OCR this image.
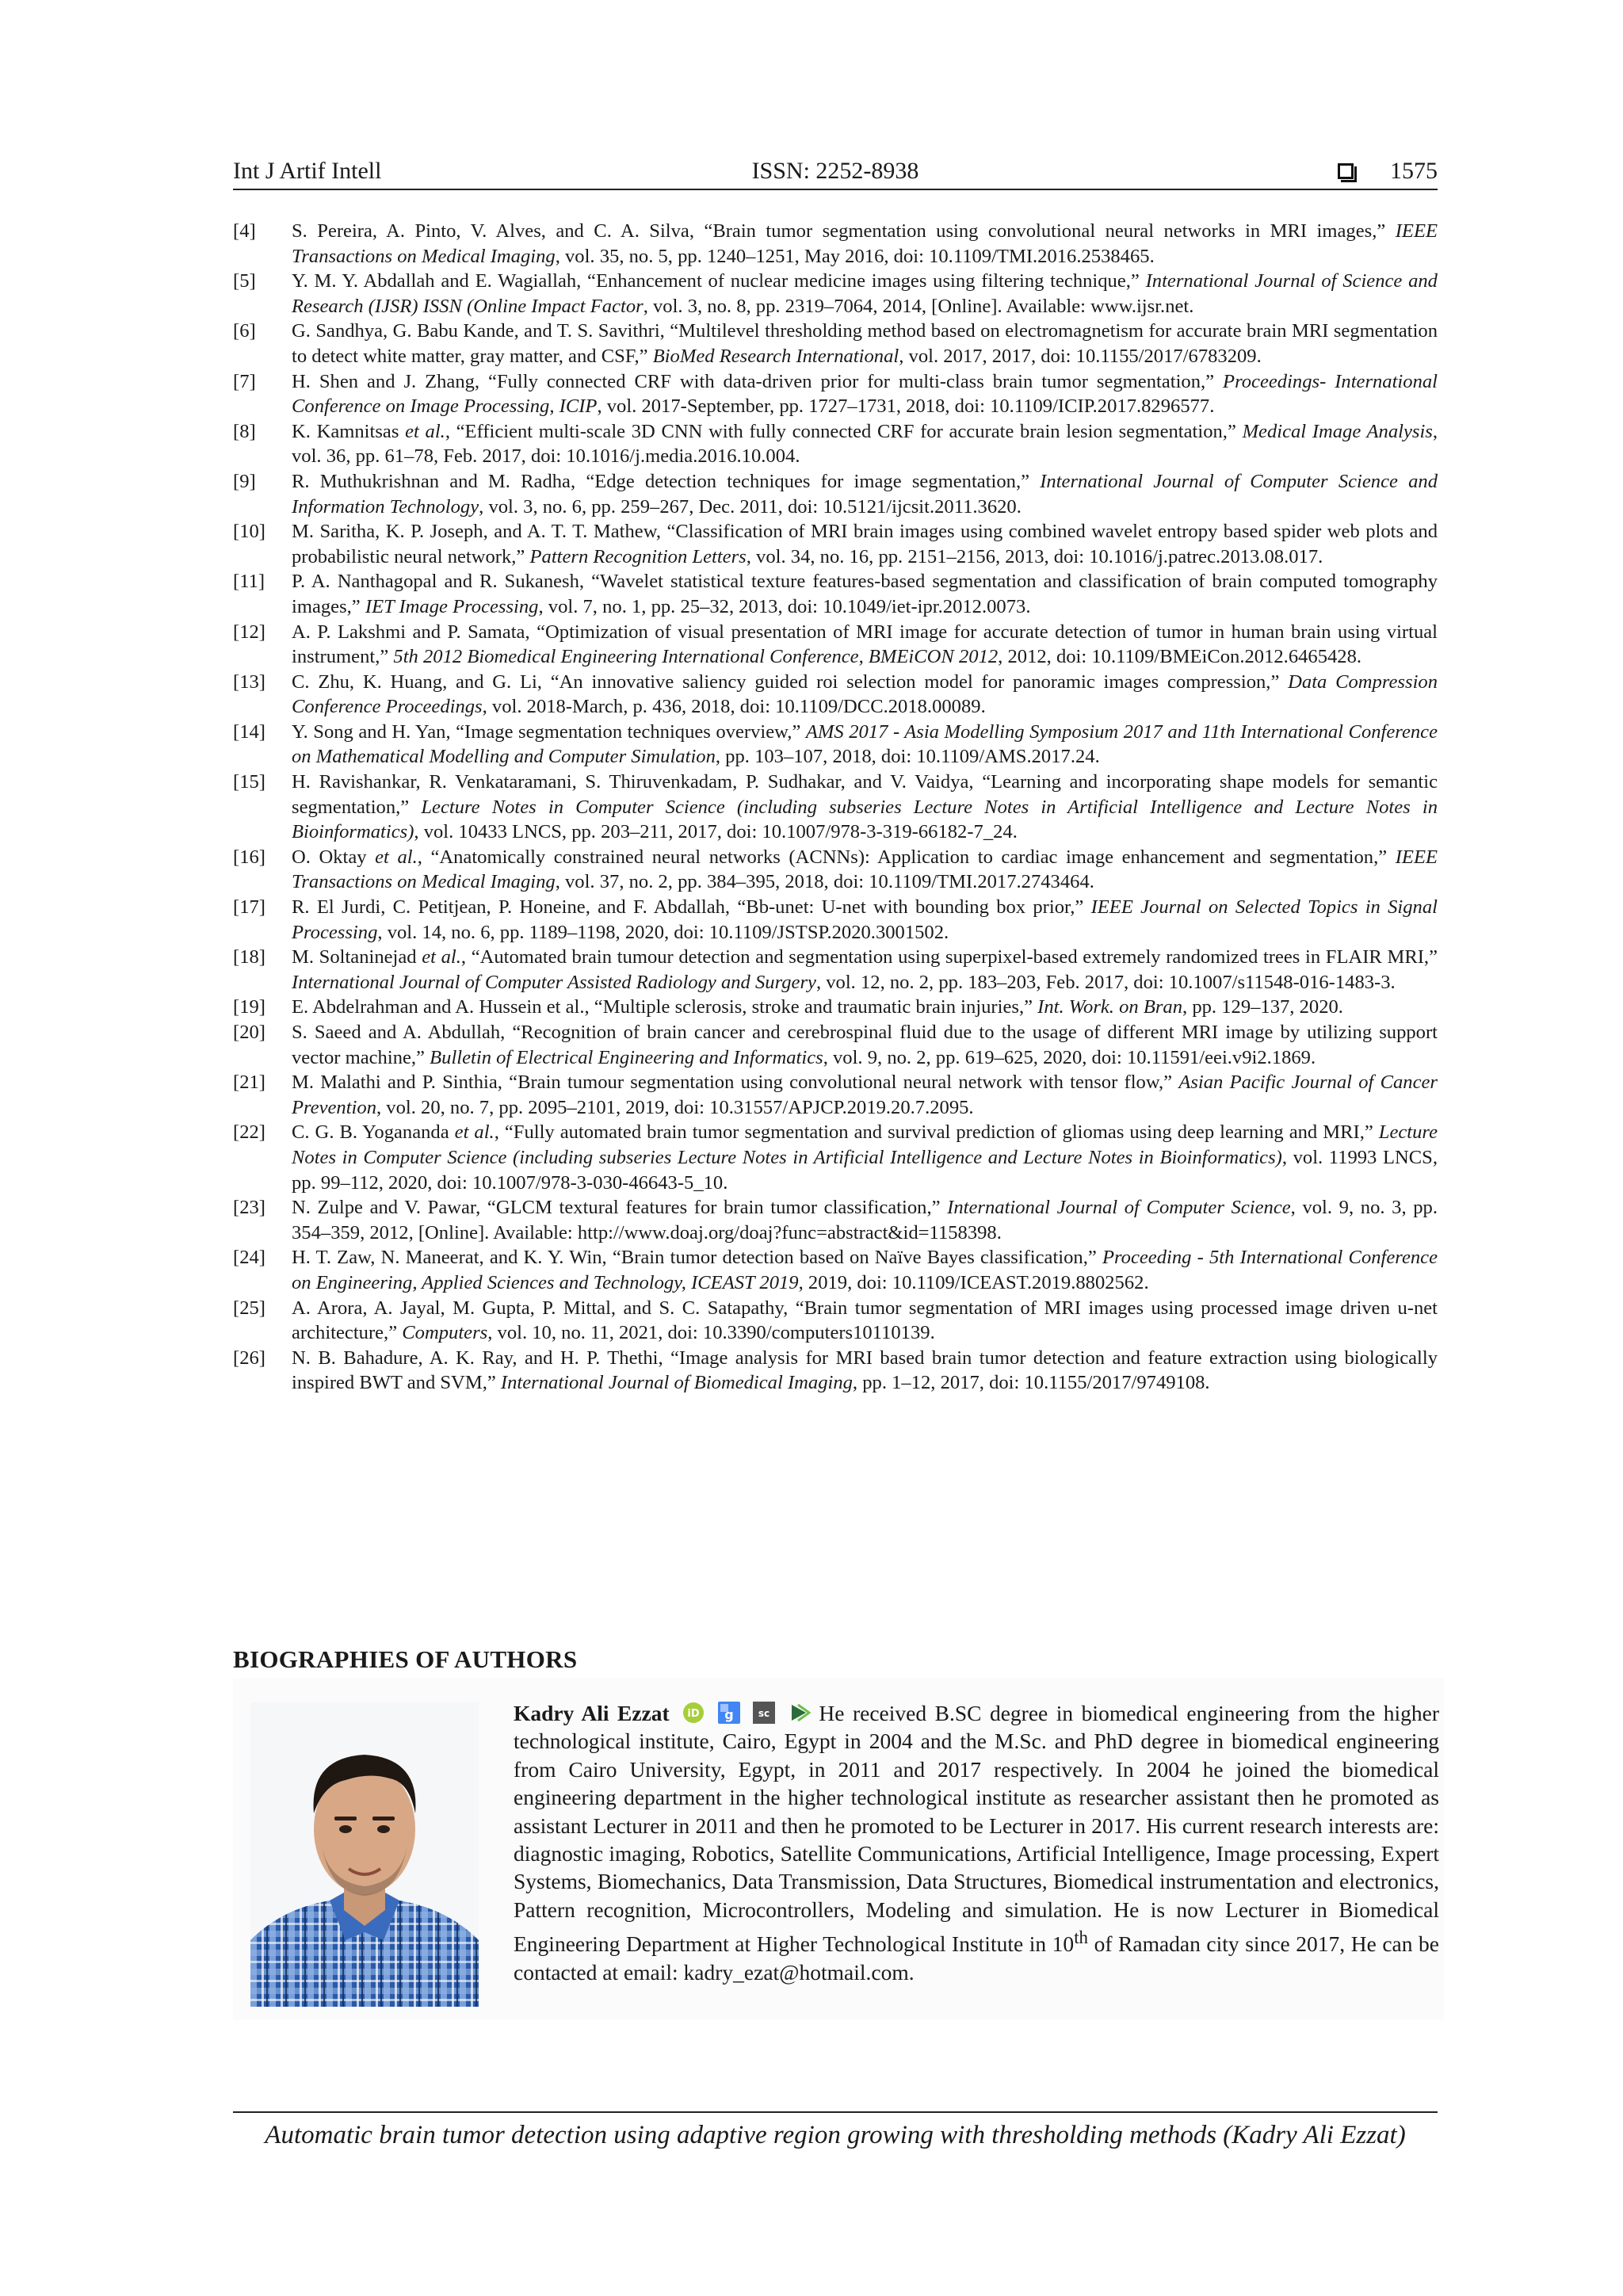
Int J Artif Intell	ISSN: 2252-8938	1575
[4]	S. Pereira, A. Pinto, V. Alves, and C. A. Silva, “Brain tumor segmentation using convolutional neural networks in MRI images,” IEEE Transactions on Medical Imaging, vol. 35, no. 5, pp. 1240–1251, May 2016, doi: 10.1109/TMI.2016.2538465.
[5]	Y. M. Y. Abdallah and E. Wagiallah, “Enhancement of nuclear medicine images using filtering technique,” International Journal of Science and Research (IJSR) ISSN (Online Impact Factor, vol. 3, no. 8, pp. 2319–7064, 2014, [Online]. Available: www.ijsr.net.
[6]	G. Sandhya, G. Babu Kande, and T. S. Savithri, “Multilevel thresholding method based on electromagnetism for accurate brain MRI segmentation to detect white matter, gray matter, and CSF,” BioMed Research International, vol. 2017, 2017, doi: 10.1155/2017/6783209.
[7]	H. Shen and J. Zhang, “Fully connected CRF with data-driven prior for multi-class brain tumor segmentation,” Proceedings- International Conference on Image Processing, ICIP, vol. 2017-September, pp. 1727–1731, 2018, doi: 10.1109/ICIP.2017.8296577.
[8]	K. Kamnitsas et al., “Efficient multi-scale 3D CNN with fully connected CRF for accurate brain lesion segmentation,” Medical Image Analysis, vol. 36, pp. 61–78, Feb. 2017, doi: 10.1016/j.media.2016.10.004.
[9]	R. Muthukrishnan and M. Radha, “Edge detection techniques for image segmentation,” International Journal of Computer Science and Information Technology, vol. 3, no. 6, pp. 259–267, Dec. 2011, doi: 10.5121/ijcsit.2011.3620.
[10]	M. Saritha, K. P. Joseph, and A. T. T. Mathew, “Classification of MRI brain images using combined wavelet entropy based spider web plots and probabilistic neural network,” Pattern Recognition Letters, vol. 34, no. 16, pp. 2151–2156, 2013, doi: 10.1016/j.patrec.2013.08.017.
[11]	P. A. Nanthagopal and R. Sukanesh, “Wavelet statistical texture features-based segmentation and classification of brain computed tomography images,” IET Image Processing, vol. 7, no. 1, pp. 25–32, 2013, doi: 10.1049/iet-ipr.2012.0073.
[12]	A. P. Lakshmi and P. Samata, “Optimization of visual presentation of MRI image for accurate detection of tumor in human brain using virtual instrument,” 5th 2012 Biomedical Engineering International Conference, BMEiCON 2012, 2012, doi: 10.1109/BMEiCon.2012.6465428.
[13]	C. Zhu, K. Huang, and G. Li, “An innovative saliency guided roi selection model for panoramic images compression,” Data Compression Conference Proceedings, vol. 2018-March, p. 436, 2018, doi: 10.1109/DCC.2018.00089.
[14]	Y. Song and H. Yan, “Image segmentation techniques overview,” AMS 2017 - Asia Modelling Symposium 2017 and 11th International Conference on Mathematical Modelling and Computer Simulation, pp. 103–107, 2018, doi: 10.1109/AMS.2017.24.
[15]	H. Ravishankar, R. Venkataramani, S. Thiruvenkadam, P. Sudhakar, and V. Vaidya, “Learning and incorporating shape models for semantic segmentation,” Lecture Notes in Computer Science (including subseries Lecture Notes in Artificial Intelligence and Lecture Notes in Bioinformatics), vol. 10433 LNCS, pp. 203–211, 2017, doi: 10.1007/978-3-319-66182-7_24.
[16]	O. Oktay et al., “Anatomically constrained neural networks (ACNNs): Application to cardiac image enhancement and segmentation,” IEEE Transactions on Medical Imaging, vol. 37, no. 2, pp. 384–395, 2018, doi: 10.1109/TMI.2017.2743464.
[17]	R. El Jurdi, C. Petitjean, P. Honeine, and F. Abdallah, “Bb-unet: U-net with bounding box prior,” IEEE Journal on Selected Topics in Signal Processing, vol. 14, no. 6, pp. 1189–1198, 2020, doi: 10.1109/JSTSP.2020.3001502.
[18]	M. Soltaninejad et al., “Automated brain tumour detection and segmentation using superpixel-based extremely randomized trees in FLAIR MRI,” International Journal of Computer Assisted Radiology and Surgery, vol. 12, no. 2, pp. 183–203, Feb. 2017, doi: 10.1007/s11548-016-1483-3.
[19]	E. Abdelrahman and A. Hussein et al., “Multiple sclerosis, stroke and traumatic brain injuries,” Int. Work. on Bran, pp. 129–137, 2020.
[20]	S. Saeed and A. Abdullah, “Recognition of brain cancer and cerebrospinal fluid due to the usage of different MRI image by utilizing support vector machine,” Bulletin of Electrical Engineering and Informatics, vol. 9, no. 2, pp. 619–625, 2020, doi: 10.11591/eei.v9i2.1869.
[21]	M. Malathi and P. Sinthia, “Brain tumour segmentation using convolutional neural network with tensor flow,” Asian Pacific Journal of Cancer Prevention, vol. 20, no. 7, pp. 2095–2101, 2019, doi: 10.31557/APJCP.2019.20.7.2095.
[22]	C. G. B. Yogananda et al., “Fully automated brain tumor segmentation and survival prediction of gliomas using deep learning and MRI,” Lecture Notes in Computer Science (including subseries Lecture Notes in Artificial Intelligence and Lecture Notes in Bioinformatics), vol. 11993 LNCS, pp. 99–112, 2020, doi: 10.1007/978-3-030-46643-5_10.
[23]	N. Zulpe and V. Pawar, “GLCM textural features for brain tumor classification,” International Journal of Computer Science, vol. 9, no. 3, pp. 354–359, 2012, [Online]. Available: http://www.doaj.org/doaj?func=abstract&id=1158398.
[24]	H. T. Zaw, N. Maneerat, and K. Y. Win, “Brain tumor detection based on Naïve Bayes classification,” Proceeding - 5th International Conference on Engineering, Applied Sciences and Technology, ICEAST 2019, 2019, doi: 10.1109/ICEAST.2019.8802562.
[25]	A. Arora, A. Jayal, M. Gupta, P. Mittal, and S. C. Satapathy, “Brain tumor segmentation of MRI images using processed image driven u-net architecture,” Computers, vol. 10, no. 11, 2021, doi: 10.3390/computers10110139.
[26]	N. B. Bahadure, A. K. Ray, and H. P. Thethi, “Image analysis for MRI based brain tumor detection and feature extraction using biologically inspired BWT and SVM,” International Journal of Biomedical Imaging, pp. 1–12, 2017, doi: 10.1155/2017/9749108.
BIOGRAPHIES OF AUTHORS
Kadry Ali Ezzat iD
g
	sc
He received B.SC degree in biomedical engineering from the higher technological institute, Cairo, Egypt in 2004 and the M.Sc. and PhD degree in biomedical engineering from Cairo University, Egypt, in 2011 and 2017 respectively. In 2004 he joined the biomedical engineering department in the higher technological institute as researcher assistant then he promoted as assistant Lecturer in 2011 and then he promoted to be Lecturer in 2017. His current research interests are: diagnostic imaging, Robotics, Satellite Communications, Artificial Intelligence, Image processing, Expert Systems, Biomechanics, Data Transmission, Data Structures, Biomedical instrumentation and electronics, Pattern recognition, Microcontrollers, Modeling and simulation. He is now Lecturer in Biomedical Engineering Department at Higher Technological Institute in 10th of Ramadan city since 2017, He can be contacted at email: kadry_ezat@hotmail.com.
Automatic brain tumor detection using adaptive region growing with thresholding methods (Kadry Ali Ezzat)
